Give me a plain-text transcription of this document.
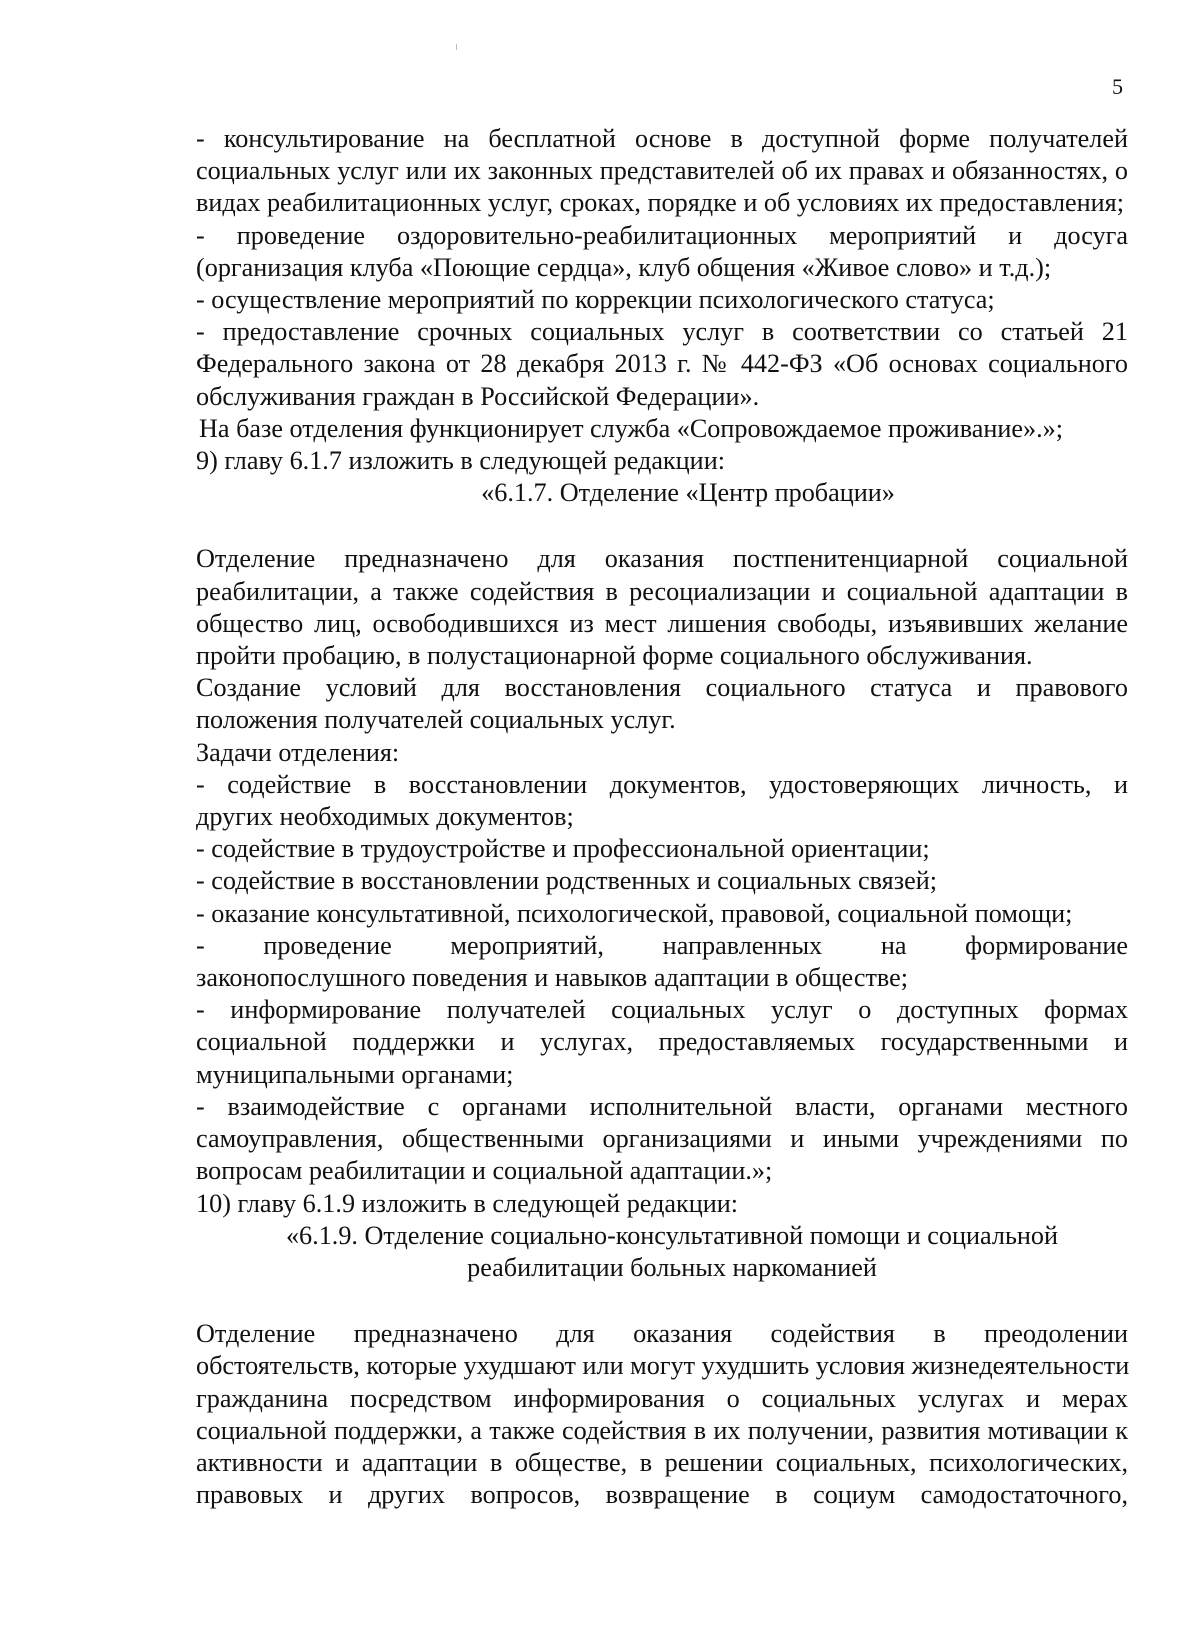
5

- консультирование на бесплатной основе в доступной форме получателей
социальных услуг или их законных представителей об их правах и обязанностях, о
видах реабилитационных услуг, сроках, порядке и об условиях их предоставления;

- проведение оздоровительно-реабилитационных мероприятий и досуга
(организация клуба «Поющие сердца», клуб общения «Живое слово» и т.д.);

- осуществление мероприятий по коррекции психологического статуса;

- предоставление срочных социальных услуг в соответствии со статьей 21
Федерального закона от 28 декабря 2013 г. № 442-ФЗ «Об основах социального
обслуживания граждан в Российской Федерации».

На базе отделения функционирует служба «Сопровождаемое проживание».»;

9) главу 6.1.7 изложить в следующей редакции:

«6.1.7. Отделение «Центр пробации»

Отделение предназначено для оказания постпенитенциарной социальной
реабилитации, а также содействия в ресоциализации и социальной адаптации в
общество лиц, освободившихся из мест лишения свободы, изъявивших желание
пройти пробацию, в полустационарной форме социального обслуживания.

Создание условий для восстановления социального статуса и правового
положения получателей социальных услуг.

Задачи отделения:

- содействие в восстановлении документов, удостоверяющих личность, и
других необходимых документов;

- содействие в трудоустройстве и профессиональной ориентации;

- содействие в восстановлении родственных и социальных связей;

- оказание консультативной, психологической, правовой, социальной помощи;

- проведение мероприятий, направленных на формирование
законопослушного поведения и навыков адаптации в обществе;

- информирование получателей социальных услуг о доступных формах
социальной поддержки и услугах, предоставляемых государственными и
муниципальными органами;

- взаимодействие с органами исполнительной власти, органами местного
самоуправления, общественными организациями и иными учреждениями по
вопросам реабилитации и социальной адаптации.»;

10) главу 6.1.9 изложить в следующей редакции:

«6.1.9. Отделение социально-консультативной помощи и социальной
реабилитации больных наркоманией

Отделение предназначено для оказания содействия в преодолении
обстоятельств, которые ухудшают или могут ухудшить условия жизнедеятельности
гражданина посредством информирования о социальных услугах и мерах
социальной поддержки, а также содействия в их получении, развития мотивации к
активности и адаптации в обществе, в решении социальных, психологических,
правовых и других вопросов, возвращение в социум самодостаточного,
